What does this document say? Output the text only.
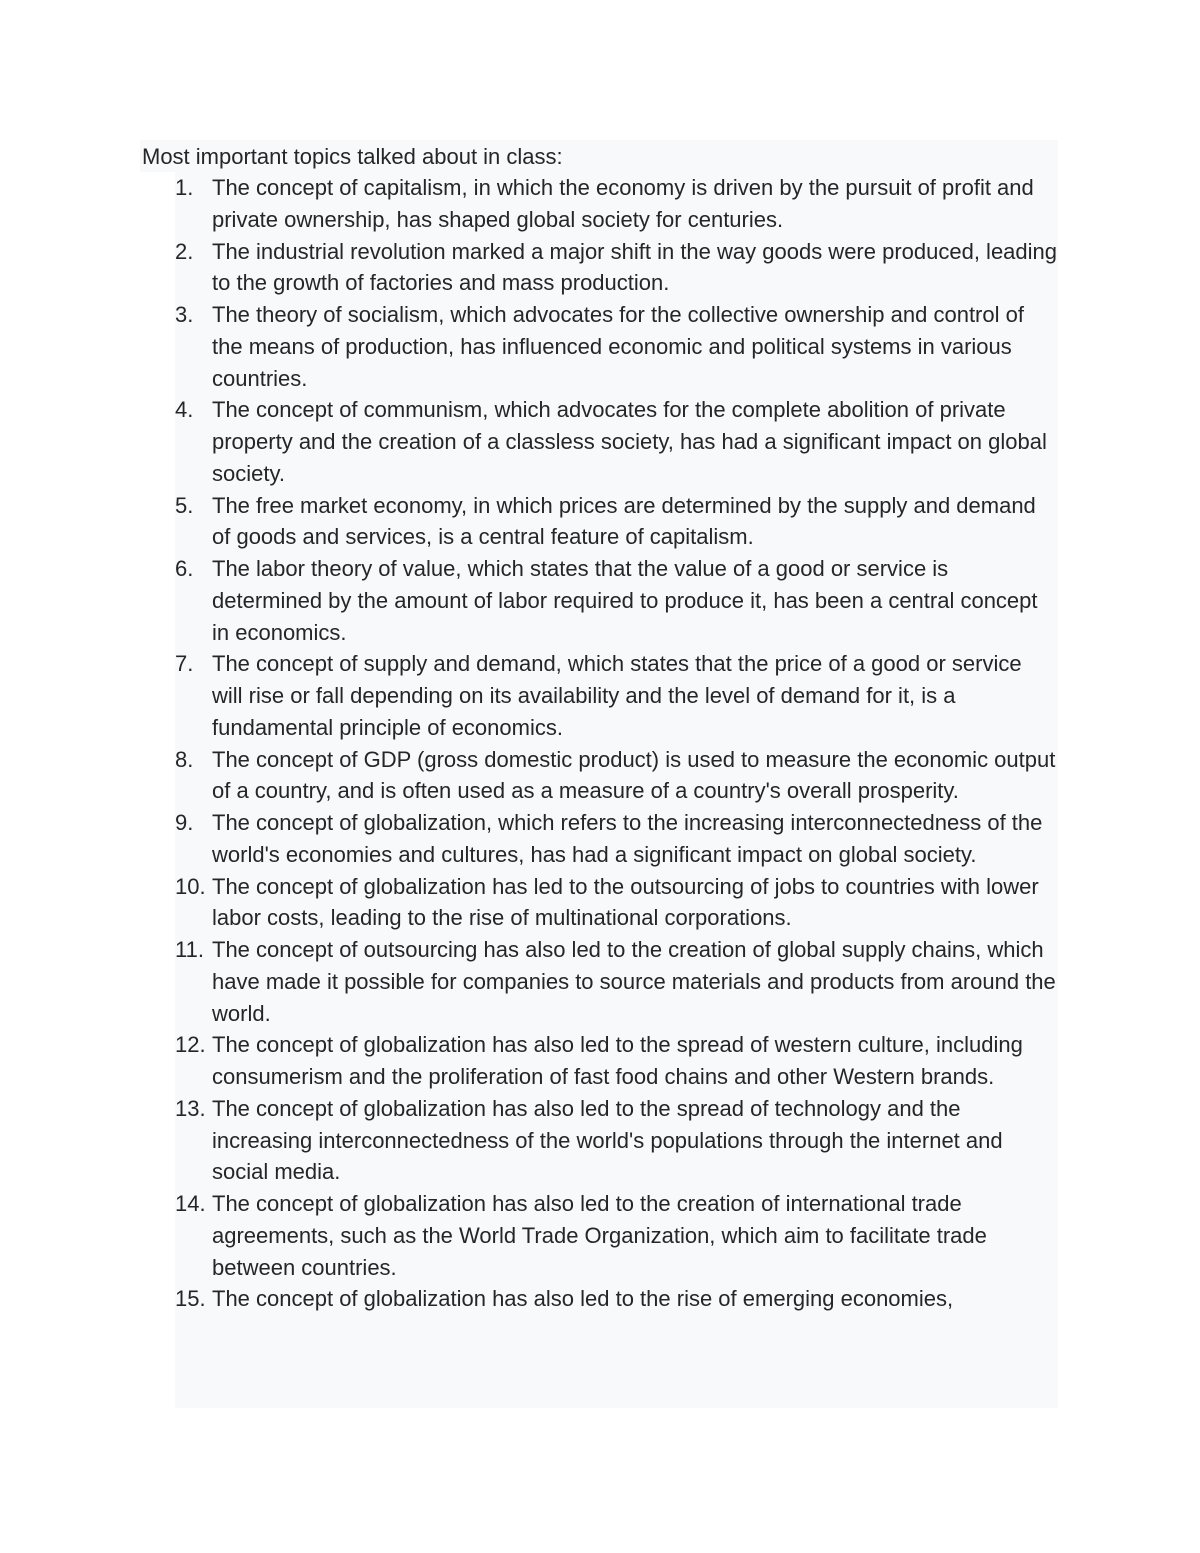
Most important topics talked about in class:

1. The concept of capitalism, in which the economy is driven by the pursuit of profit and private ownership, has shaped global society for centuries.
2. The industrial revolution marked a major shift in the way goods were produced, leading to the growth of factories and mass production.
3. The theory of socialism, which advocates for the collective ownership and control of the means of production, has influenced economic and political systems in various countries.
4. The concept of communism, which advocates for the complete abolition of private property and the creation of a classless society, has had a significant impact on global society.
5. The free market economy, in which prices are determined by the supply and demand of goods and services, is a central feature of capitalism.
6. The labor theory of value, which states that the value of a good or service is determined by the amount of labor required to produce it, has been a central concept in economics.
7. The concept of supply and demand, which states that the price of a good or service will rise or fall depending on its availability and the level of demand for it, is a fundamental principle of economics.
8. The concept of GDP (gross domestic product) is used to measure the economic output of a country, and is often used as a measure of a country's overall prosperity.
9. The concept of globalization, which refers to the increasing interconnectedness of the world's economies and cultures, has had a significant impact on global society.
10. The concept of globalization has led to the outsourcing of jobs to countries with lower labor costs, leading to the rise of multinational corporations.
11. The concept of outsourcing has also led to the creation of global supply chains, which have made it possible for companies to source materials and products from around the world.
12. The concept of globalization has also led to the spread of western culture, including consumerism and the proliferation of fast food chains and other Western brands.
13. The concept of globalization has also led to the spread of technology and the increasing interconnectedness of the world's populations through the internet and social media.
14. The concept of globalization has also led to the creation of international trade agreements, such as the World Trade Organization, which aim to facilitate trade between countries.
15. The concept of globalization has also led to the rise of emerging economies,
